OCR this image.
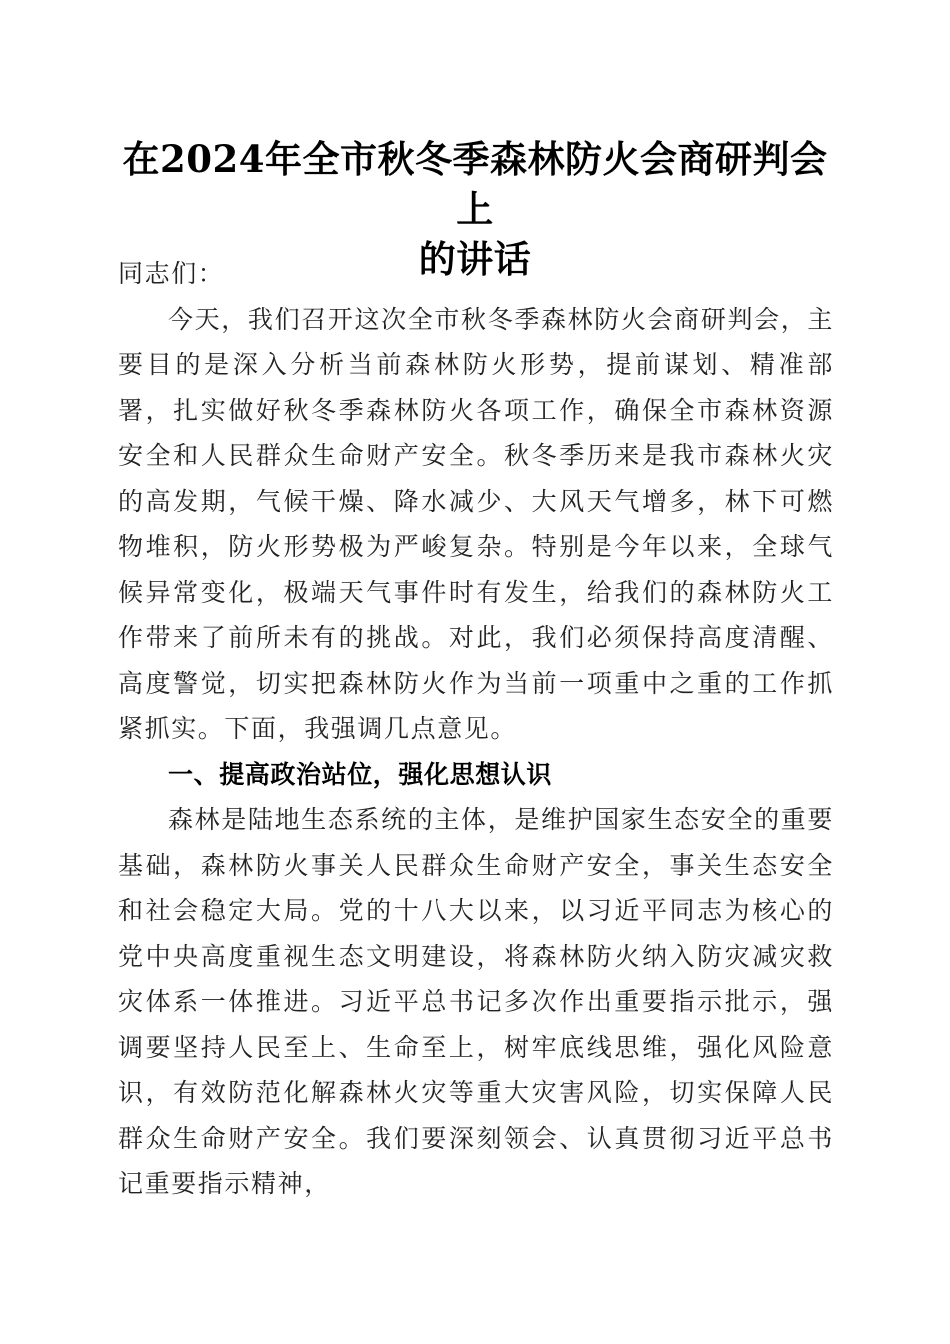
在2024年全市秋冬季森林防火会商研判会上
的讲话

同志们：

今天，我们召开这次全市秋冬季森林防火会商研判会，主要目的是深入分析当前森林防火形势，提前谋划、精准部署，扎实做好秋冬季森林防火各项工作，确保全市森林资源安全和人民群众生命财产安全。秋冬季历来是我市森林火灾的高发期，气候干燥、降水减少、大风天气增多，林下可燃物堆积，防火形势极为严峻复杂。特别是今年以来，全球气候异常变化，极端天气事件时有发生，给我们的森林防火工作带来了前所未有的挑战。对此，我们必须保持高度清醒、高度警觉，切实把森林防火作为当前一项重中之重的工作抓紧抓实。下面，我强调几点意见。

一、提高政治站位，强化思想认识

森林是陆地生态系统的主体，是维护国家生态安全的重要基础，森林防火事关人民群众生命财产安全，事关生态安全和社会稳定大局。党的十八大以来，以习近平同志为核心的党中央高度重视生态文明建设，将森林防火纳入防灾减灾救灾体系一体推进。习近平总书记多次作出重要指示批示，强调要坚持人民至上、生命至上，树牢底线思维，强化风险意识，有效防范化解森林火灾等重大灾害风险，切实保障人民群众生命财产安全。我们要深刻领会、认真贯彻习近平总书记重要指示精神，
